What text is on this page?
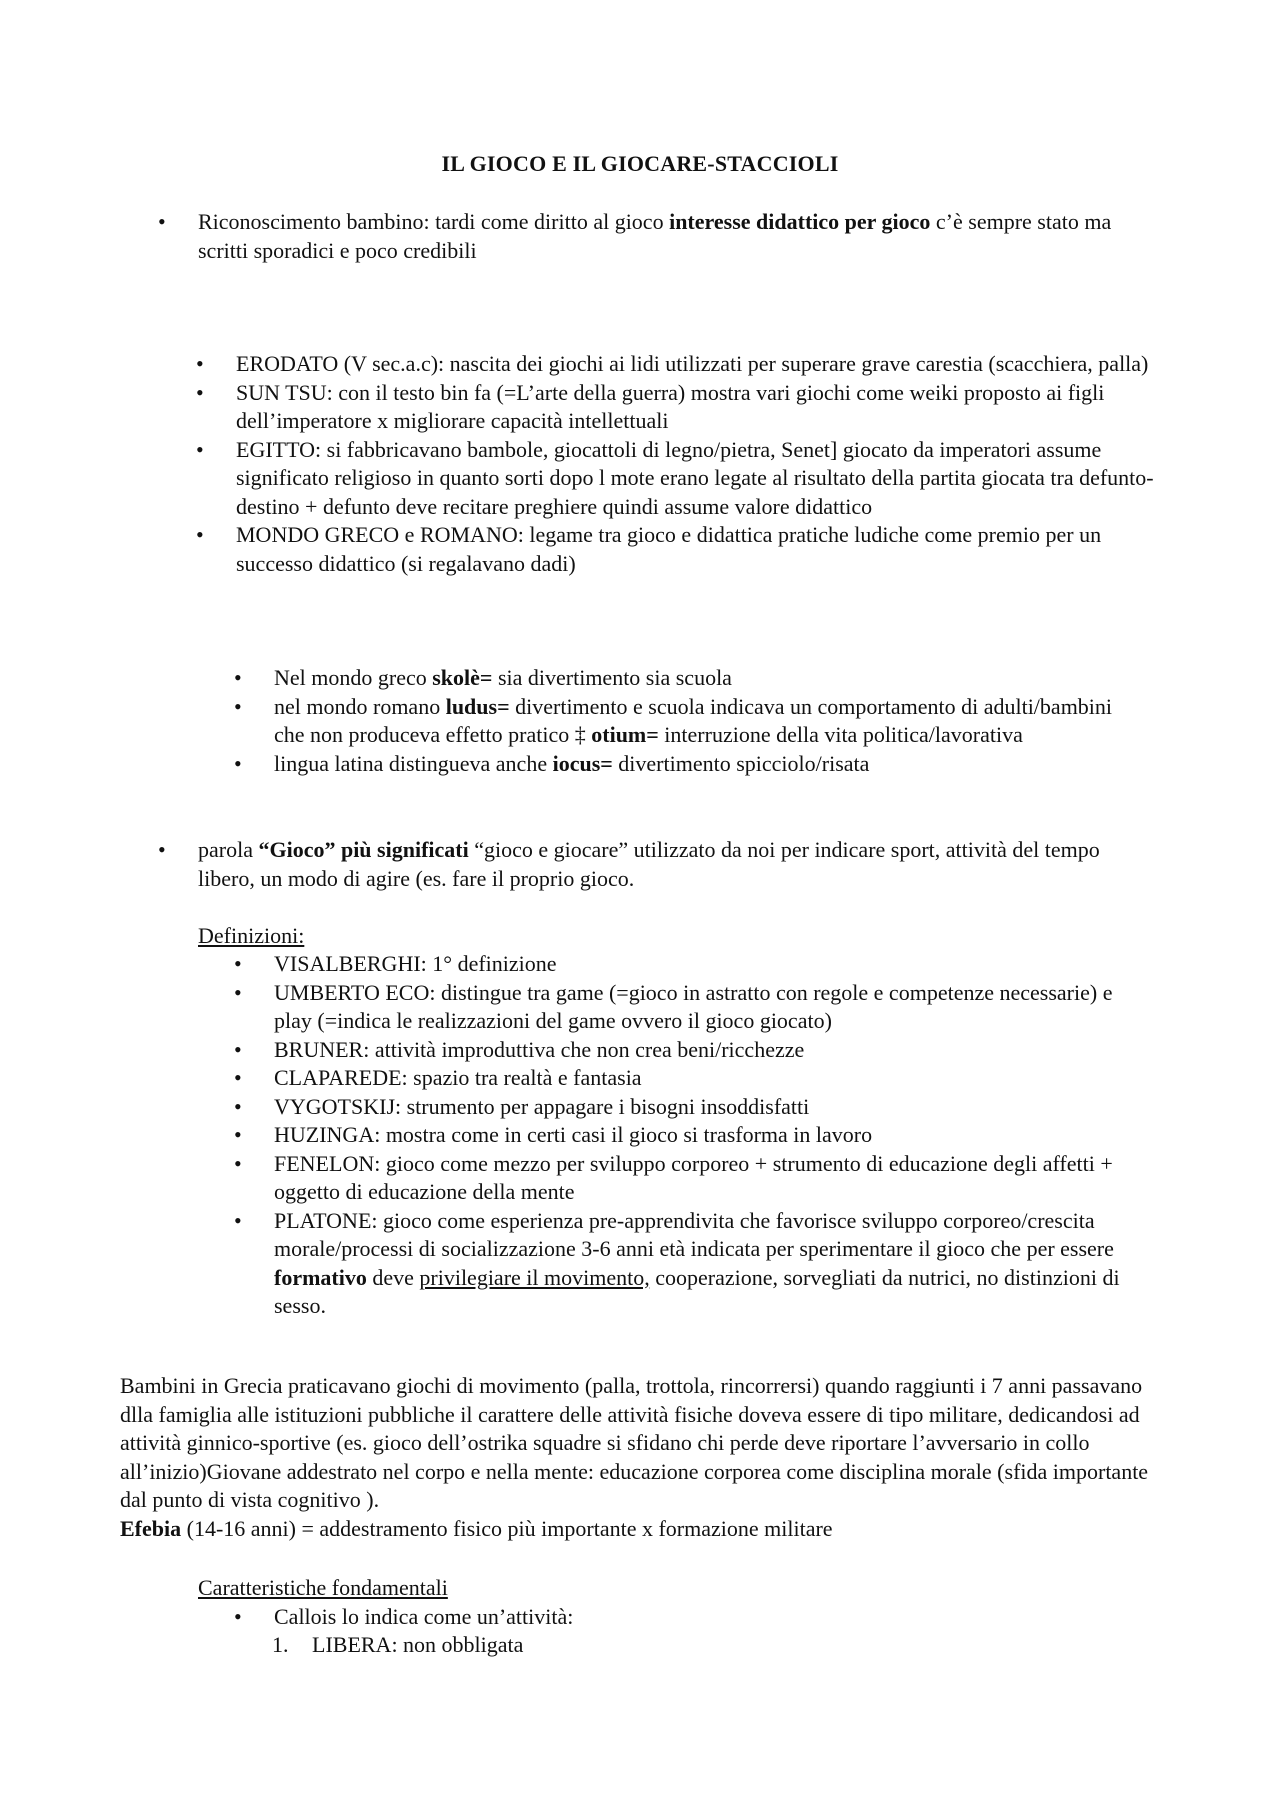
IL GIOCO E IL GIOCARE-STACCIOLI
• Riconoscimento bambino: tardi come diritto al gioco interesse didattico per gioco c’è sempre stato ma scritti sporadici e poco credibili
• ERODATO (V sec.a.c): nascita dei giochi ai lidi utilizzati per superare grave carestia (scacchiera, palla)
• SUN TSU: con il testo bin fa (=L’arte della guerra) mostra vari giochi come weiki proposto ai figli dell’imperatore x migliorare capacità intellettuali
• EGITTO: si fabbricavano bambole, giocattoli di legno/pietra, Senet] giocato da imperatori assume significato religioso in quanto sorti dopo l mote erano legate al risultato della partita giocata tra defunto-destino + defunto deve recitare preghiere quindi assume valore didattico
• MONDO GRECO e ROMANO: legame tra gioco e didattica pratiche ludiche come premio per un successo didattico (si regalavano dadi)
• Nel mondo greco skolè= sia divertimento sia scuola
• nel mondo romano ludus= divertimento e scuola indicava un comportamento di adulti/bambini che non produceva effetto pratico ‡ otium= interruzione della vita politica/lavorativa
• lingua latina distingueva anche iocus= divertimento spicciolo/risata
• parola “Gioco” più significati “gioco e giocare” utilizzato da noi per indicare sport, attività del tempo libero, un modo di agire (es. fare il proprio gioco.

Definizioni:

• VISALBERGHI: 1° definizione
• UMBERTO ECO: distingue tra game (=gioco in astratto con regole e competenze necessarie) e play (=indica le realizzazioni del game ovvero il gioco giocato)
• BRUNER: attività improduttiva che non crea beni/ricchezze
• CLAPAREDE: spazio tra realtà e fantasia
• VYGOTSKIJ: strumento per appagare i bisogni insoddisfatti
• HUZINGA: mostra come in certi casi il gioco si trasforma in lavoro
• FENELON: gioco come mezzo per sviluppo corporeo + strumento di educazione degli affetti + oggetto di educazione della mente
• PLATONE: gioco come esperienza pre-apprendivita che favorisce sviluppo corporeo/crescita morale/processi di socializzazione 3-6 anni età indicata per sperimentare il gioco che per essere formativo deve privilegiare il movimento, cooperazione, sorvegliati da nutrici, no distinzioni di sesso.

Bambini in Grecia praticavano giochi di movimento (palla, trottola, rincorrersi) quando raggiunti i 7 anni passavano dlla famiglia alle istituzioni pubbliche il carattere delle attività fisiche doveva essere di tipo militare, dedicandosi ad attività ginnico-sportive (es. gioco dell’ostrika squadre si sfidano chi perde deve riportare l’avversario in collo all’inizio)Giovane addestrato nel corpo e nella mente: educazione corporea come disciplina morale (sfida importante dal punto di vista cognitivo ).
Efebia (14-16 anni) = addestramento fisico più importante x formazione militare

Caratteristiche fondamentali

• Callois lo indica come un’attività:
1. LIBERA: non obbligata
